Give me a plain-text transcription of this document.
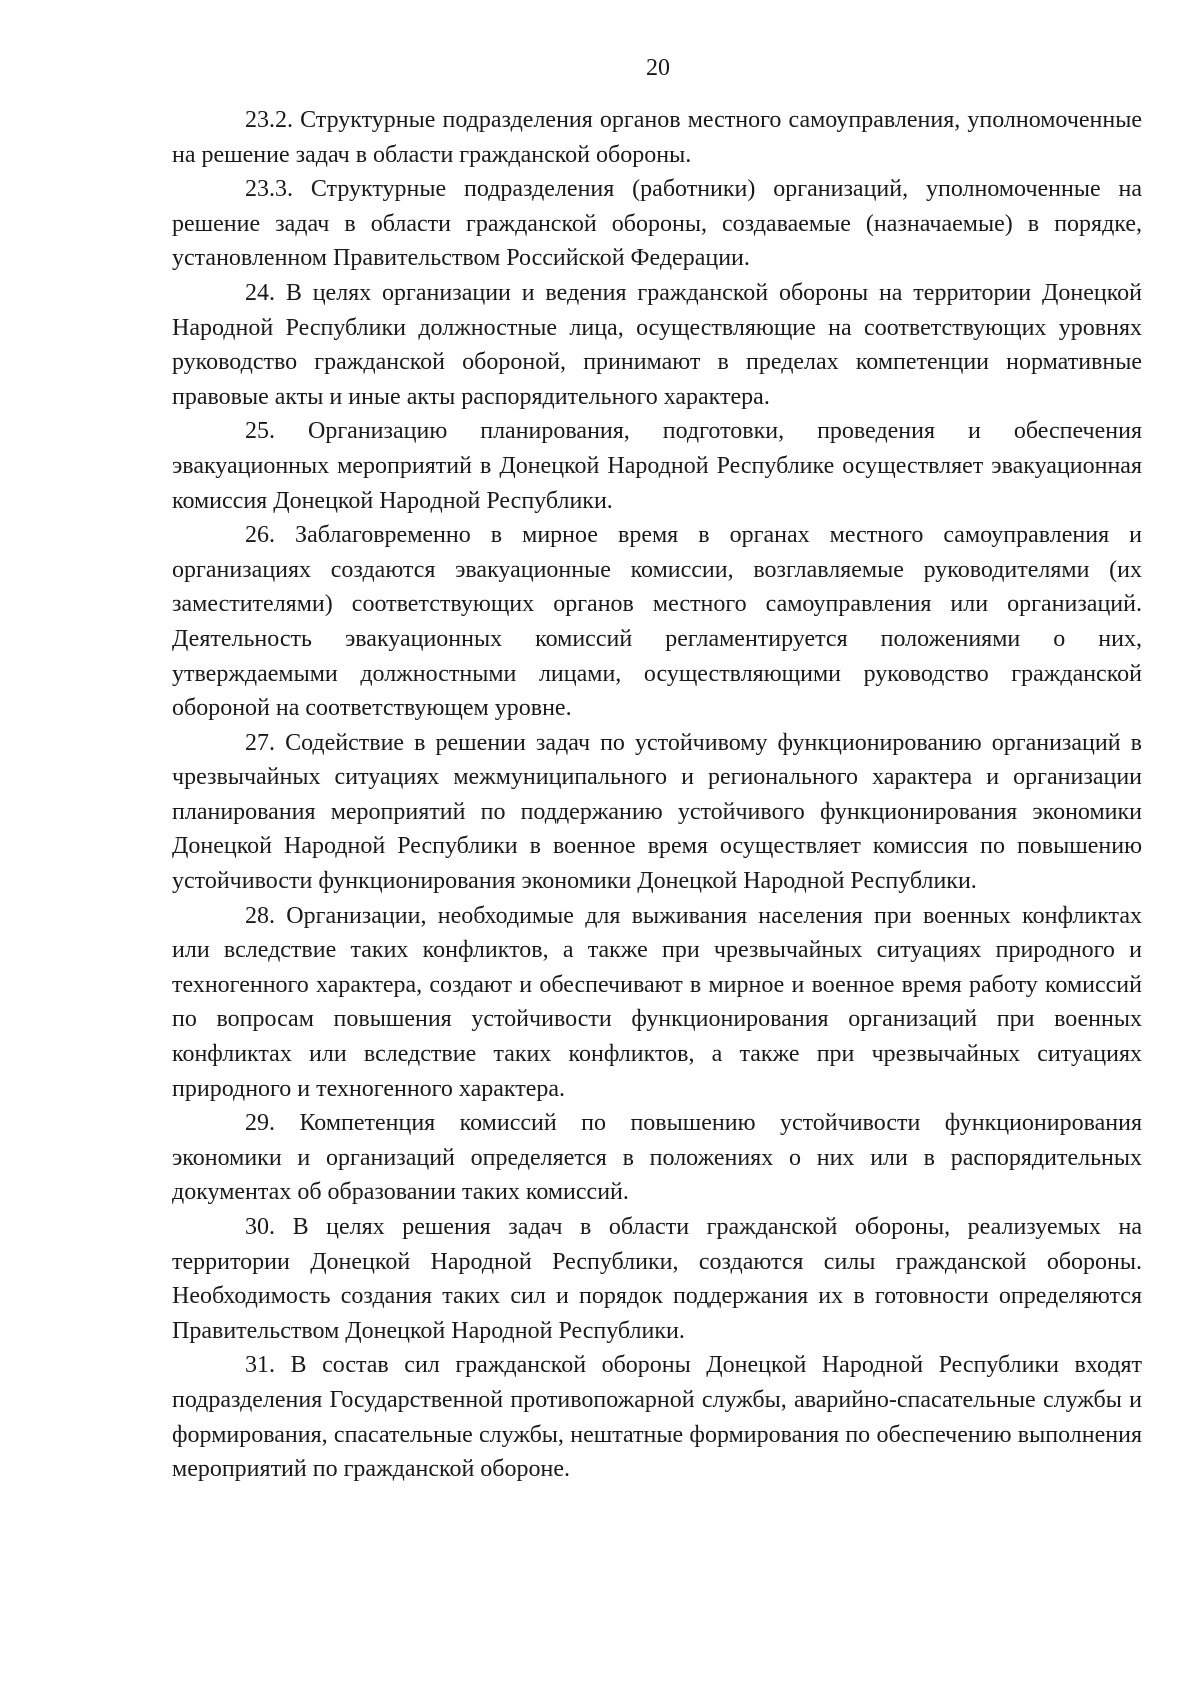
20

23.2. Структурные подразделения органов местного самоуправления, уполномоченные на решение задач в области гражданской обороны.

23.3. Структурные подразделения (работники) организаций, уполномоченные на решение задач в области гражданской обороны, создаваемые (назначаемые) в порядке, установленном Правительством Российской Федерации.

24. В целях организации и ведения гражданской обороны на территории Донецкой Народной Республики должностные лица, осуществляющие на соответствующих уровнях руководство гражданской обороной, принимают в пределах компетенции нормативные правовые акты и иные акты распорядительного характера.

25. Организацию планирования, подготовки, проведения и обеспечения эвакуационных мероприятий в Донецкой Народной Республике осуществляет эвакуационная комиссия Донецкой Народной Республики.

26. Заблаговременно в мирное время в органах местного самоуправления и организациях создаются эвакуационные комиссии, возглавляемые руководителями (их заместителями) соответствующих органов местного самоуправления или организаций. Деятельность эвакуационных комиссий регламентируется положениями о них, утверждаемыми должностными лицами, осуществляющими руководство гражданской обороной на соответствующем уровне.

27. Содействие в решении задач по устойчивому функционированию организаций в чрезвычайных ситуациях межмуниципального и регионального характера и организации планирования мероприятий по поддержанию устойчивого функционирования экономики Донецкой Народной Республики в военное время осуществляет комиссия по повышению устойчивости функционирования экономики Донецкой Народной Республики.

28. Организации, необходимые для выживания населения при военных конфликтах или вследствие таких конфликтов, а также при чрезвычайных ситуациях природного и техногенного характера, создают и обеспечивают в мирное и военное время работу комиссий по вопросам повышения устойчивости функционирования организаций при военных конфликтах или вследствие таких конфликтов, а также при чрезвычайных ситуациях природного и техногенного характера.

29. Компетенция комиссий по повышению устойчивости функционирования экономики и организаций определяется в положениях о них или в распорядительных документах об образовании таких комиссий.

30. В целях решения задач в области гражданской обороны, реализуемых на территории Донецкой Народной Республики, создаются силы гражданской обороны. Необходимость создания таких сил и порядок поддержания их в готовности определяются Правительством Донецкой Народной Республики.

31. В состав сил гражданской обороны Донецкой Народной Республики входят подразделения Государственной противопожарной службы, аварийно-спасательные службы и формирования, спасательные службы, нештатные формирования по обеспечению выполнения мероприятий по гражданской обороне.
